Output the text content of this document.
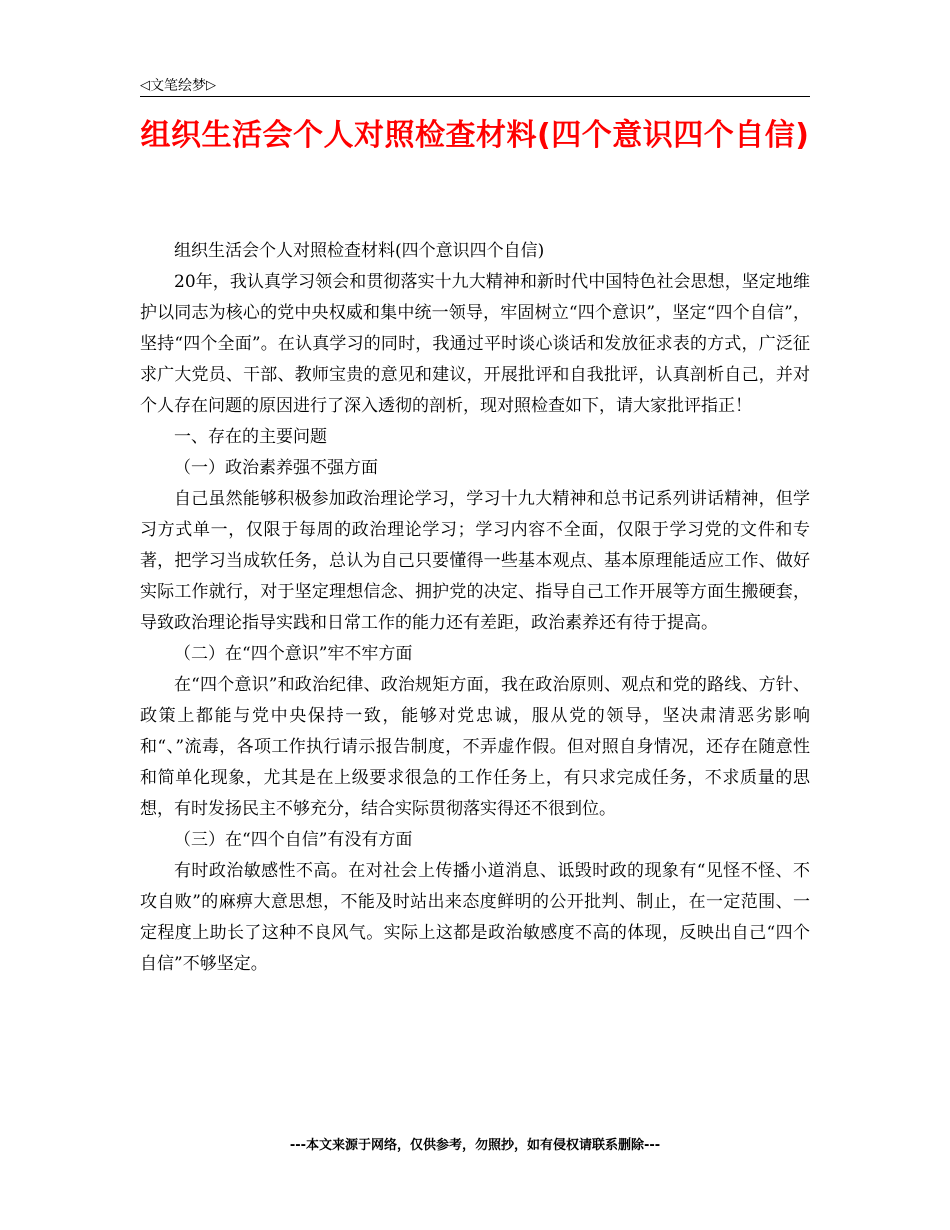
◁ 文笔绘梦 ▷
组织生活会个人对照检查材料(四个意识四个自信)

组织生活会个人对照检查材料(四个意识四个自信)

20年，我认真学习领会和贯彻落实十九大精神和新时代中国特色社会思想，坚定地维护以同志为核心的党中央权威和集中统一领导，牢固树立“四个意识”，坚定“四个自信”，坚持“四个全面”。在认真学习的同时，我通过平时谈心谈话和发放征求表的方式，广泛征求广大党员、干部、教师宝贵的意见和建议，开展批评和自我批评，认真剖析自己，并对个人存在问题的原因进行了深入透彻的剖析，现对照检查如下，请大家批评指正！

一、存在的主要问题

（一）政治素养强不强方面

自己虽然能够积极参加政治理论学习，学习十九大精神和总书记系列讲话精神，但学习方式单一，仅限于每周的政治理论学习；学习内容不全面，仅限于学习党的文件和专著，把学习当成软任务，总认为自己只要懂得一些基本观点、基本原理能适应工作、做好实际工作就行，对于坚定理想信念、拥护党的决定、指导自己工作开展等方面生搬硬套，导致政治理论指导实践和日常工作的能力还有差距，政治素养还有待于提高。

（二）在“四个意识”牢不牢方面

在“四个意识”和政治纪律、政治规矩方面，我在政治原则、观点和党的路线、方针、政策上都能与党中央保持一致，能够对党忠诚，服从党的领导，坚决肃清恶劣影响和“、”流毒，各项工作执行请示报告制度，不弄虚作假。但对照自身情况，还存在随意性和简单化现象，尤其是在上级要求很急的工作任务上，有只求完成任务，不求质量的思想，有时发扬民主不够充分，结合实际贯彻落实得还不很到位。

（三）在“四个自信”有没有方面

有时政治敏感性不高。在对社会上传播小道消息、诋毁时政的现象有“见怪不怪、不攻自败”的麻痹大意思想，不能及时站出来态度鲜明的公开批判、制止，在一定范围、一定程度上助长了这种不良风气。实际上这都是政治敏感度不高的体现，反映出自己“四个自信”不够坚定。

---本文来源于网络，仅供参考，勿照抄，如有侵权请联系删除---
